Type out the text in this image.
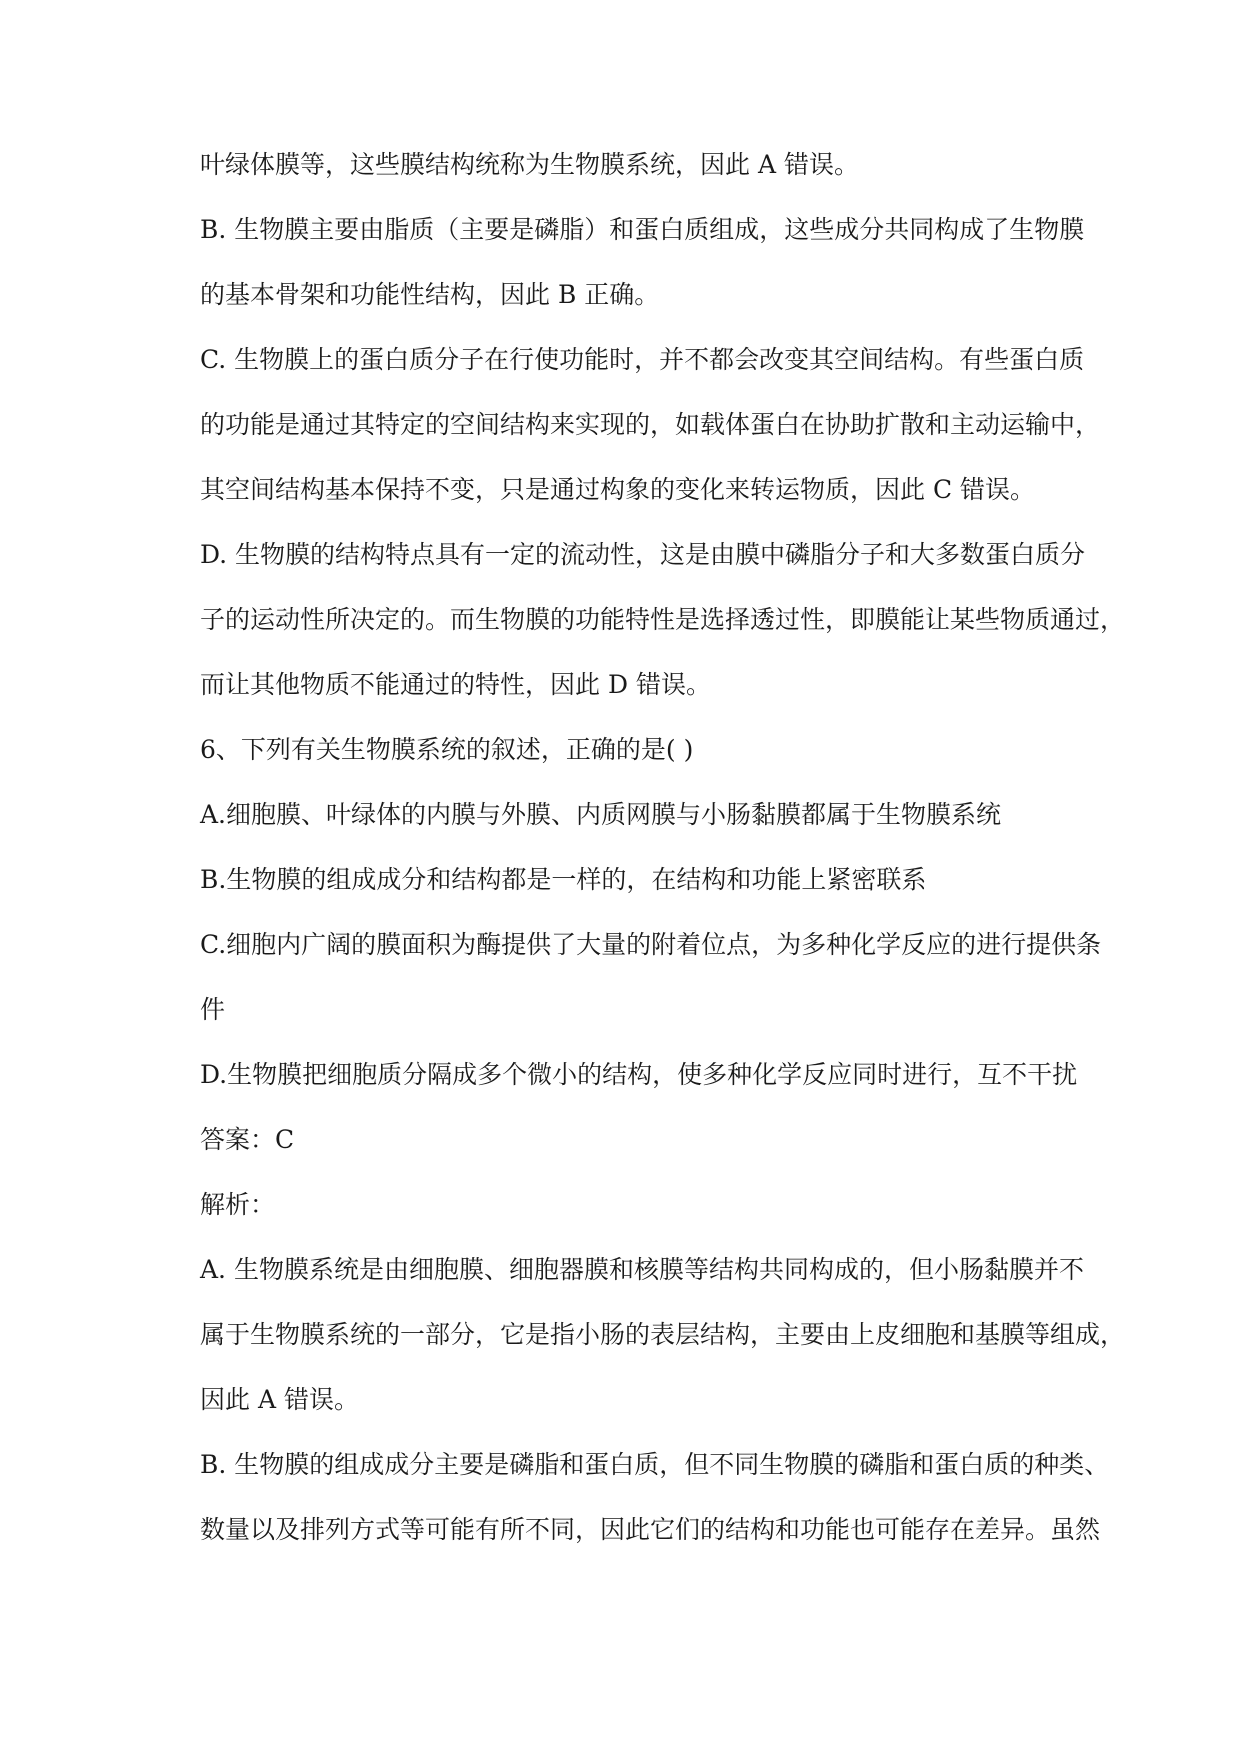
叶绿体膜等，这些膜结构统称为生物膜系统，因此 A 错误。

B. 生物膜主要由脂质（主要是磷脂）和蛋白质组成，这些成分共同构成了生物膜

的基本骨架和功能性结构，因此 B 正确。

C. 生物膜上的蛋白质分子在行使功能时，并不都会改变其空间结构。有些蛋白质

的功能是通过其特定的空间结构来实现的，如载体蛋白在协助扩散和主动运输中，

其空间结构基本保持不变，只是通过构象的变化来转运物质，因此 C 错误。

D. 生物膜的结构特点具有一定的流动性，这是由膜中磷脂分子和大多数蛋白质分

子的运动性所决定的。而生物膜的功能特性是选择透过性，即膜能让某些物质通过，

而让其他物质不能通过的特性，因此 D 错误。

6、下列有关生物膜系统的叙述，正确的是( )

A.细胞膜、叶绿体的内膜与外膜、内质网膜与小肠黏膜都属于生物膜系统

B.生物膜的组成成分和结构都是一样的，在结构和功能上紧密联系

C.细胞内广阔的膜面积为酶提供了大量的附着位点，为多种化学反应的进行提供条

件

D.生物膜把细胞质分隔成多个微小的结构，使多种化学反应同时进行，互不干扰

答案：C

解析：

A. 生物膜系统是由细胞膜、细胞器膜和核膜等结构共同构成的，但小肠黏膜并不

属于生物膜系统的一部分，它是指小肠的表层结构，主要由上皮细胞和基膜等组成，

因此 A 错误。

B. 生物膜的组成成分主要是磷脂和蛋白质，但不同生物膜的磷脂和蛋白质的种类、

数量以及排列方式等可能有所不同，因此它们的结构和功能也可能存在差异。虽然
